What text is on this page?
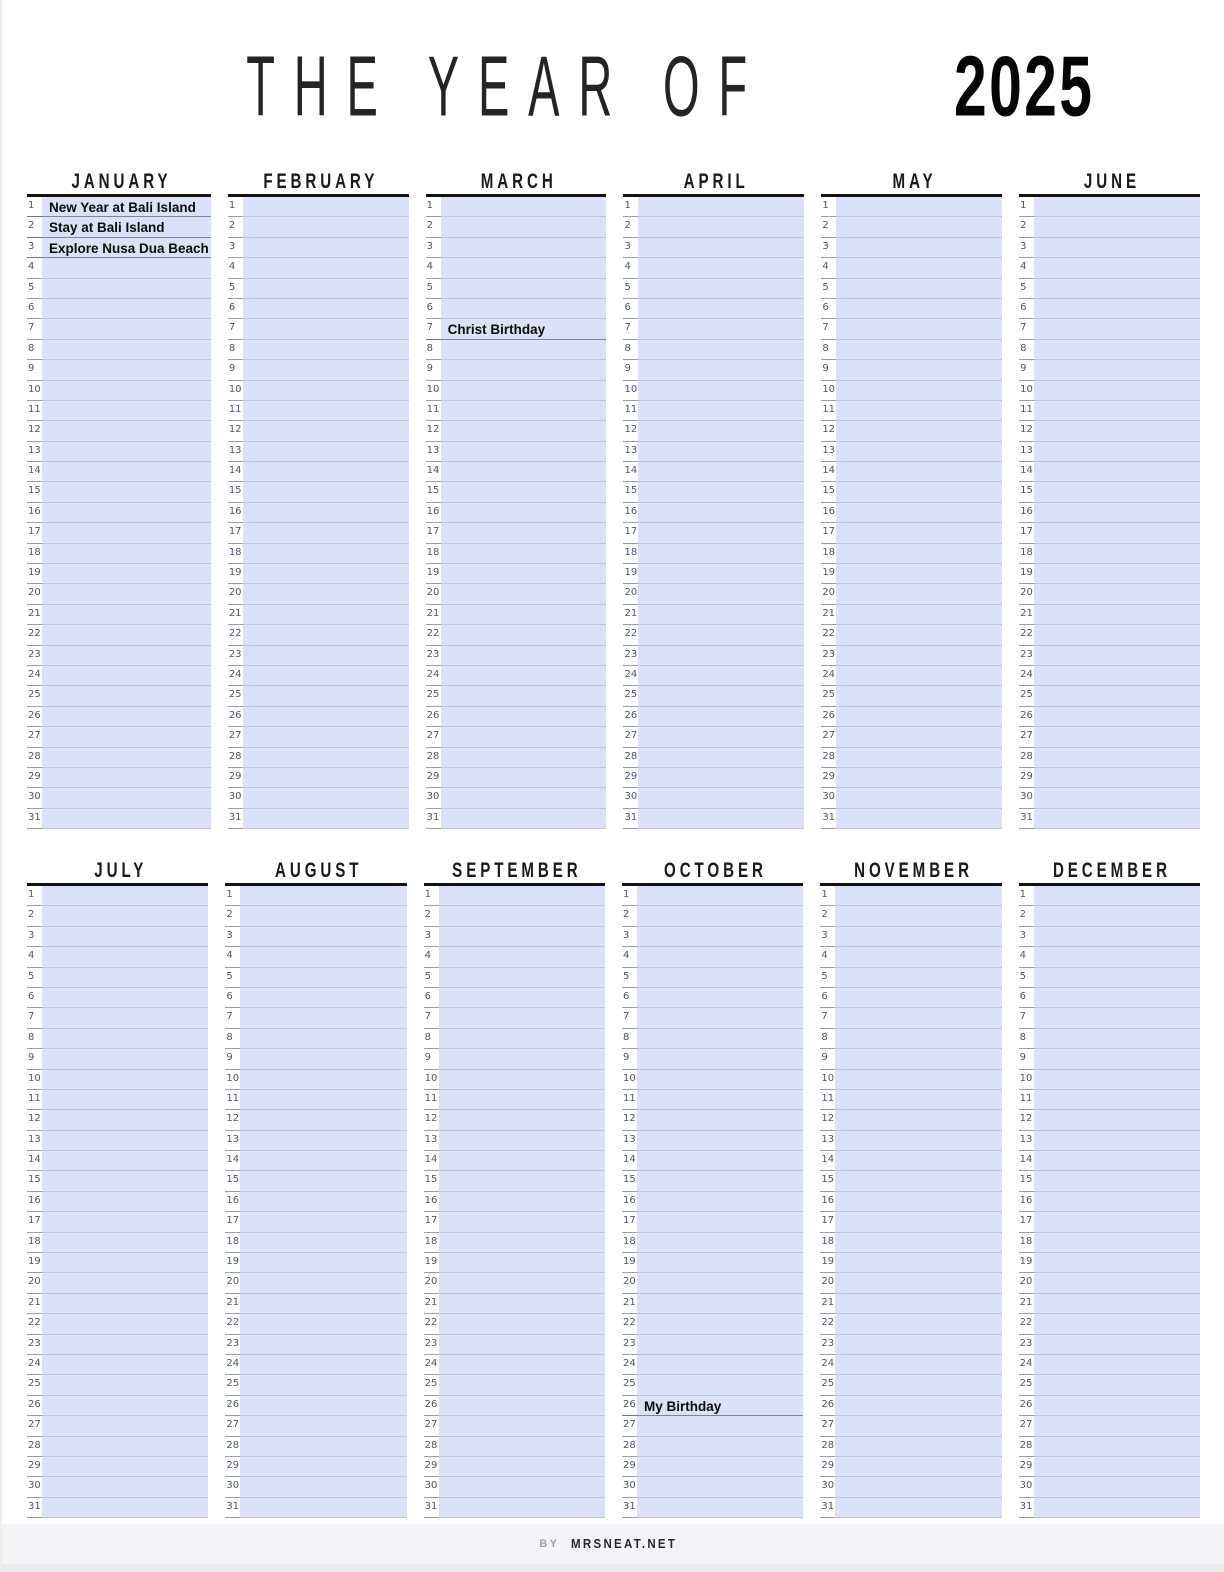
THE YEAR OF 2025
JANUARY
1	New Year at Bali Island
2	Stay at Bali Island
3	Explore Nusa Dua Beach
4
5
6
7
8
9
10
11
12
13
14
15
16
17
18
19
20
21
22
23
24
25
26
27
28
29
30
31
FEBRUARY
1
2
3
4
5
6
7
8
9
10
11
12
13
14
15
16
17
18
19
20
21
22
23
24
25
26
27
28
29
30
31
MARCH
1
2
3
4
5
6
7	Christ Birthday
8
9
10
11
12
13
14
15
16
17
18
19
20
21
22
23
24
25
26
27
28
29
30
31
APRIL
1
2
3
4
5
6
7
8
9
10
11
12
13
14
15
16
17
18
19
20
21
22
23
24
25
26
27
28
29
30
31
MAY
1
2
3
4
5
6
7
8
9
10
11
12
13
14
15
16
17
18
19
20
21
22
23
24
25
26
27
28
29
30
31
JUNE
1
2
3
4
5
6
7
8
9
10
11
12
13
14
15
16
17
18
19
20
21
22
23
24
25
26
27
28
29
30
31
JULY
1
2
3
4
5
6
7
8
9
10
11
12
13
14
15
16
17
18
19
20
21
22
23
24
25
26
27
28
29
30
31
AUGUST
1
2
3
4
5
6
7
8
9
10
11
12
13
14
15
16
17
18
19
20
21
22
23
24
25
26
27
28
29
30
31
SEPTEMBER
1
2
3
4
5
6
7
8
9
10
11
12
13
14
15
16
17
18
19
20
21
22
23
24
25
26
27
28
29
30
31
OCTOBER
1
2
3
4
5
6
7
8
9
10
11
12
13
14
15
16
17
18
19
20
21
22
23
24
25
26 My Birthday
27
28
29
30
31
NOVEMBER
1
2
3
4
5
6
7
8
9
10
11
12
13
14
15
16
17
18
19
20
21
22
23
24
25
26
27
28
29
30
31
DECEMBER
1
2
3
4
5
6
7
8
9
10
11
12
13
14
15
16
17
18
19
20
21
22
23
24
25
26
27
28
29
30
31
BY MRSNEAT.NET
